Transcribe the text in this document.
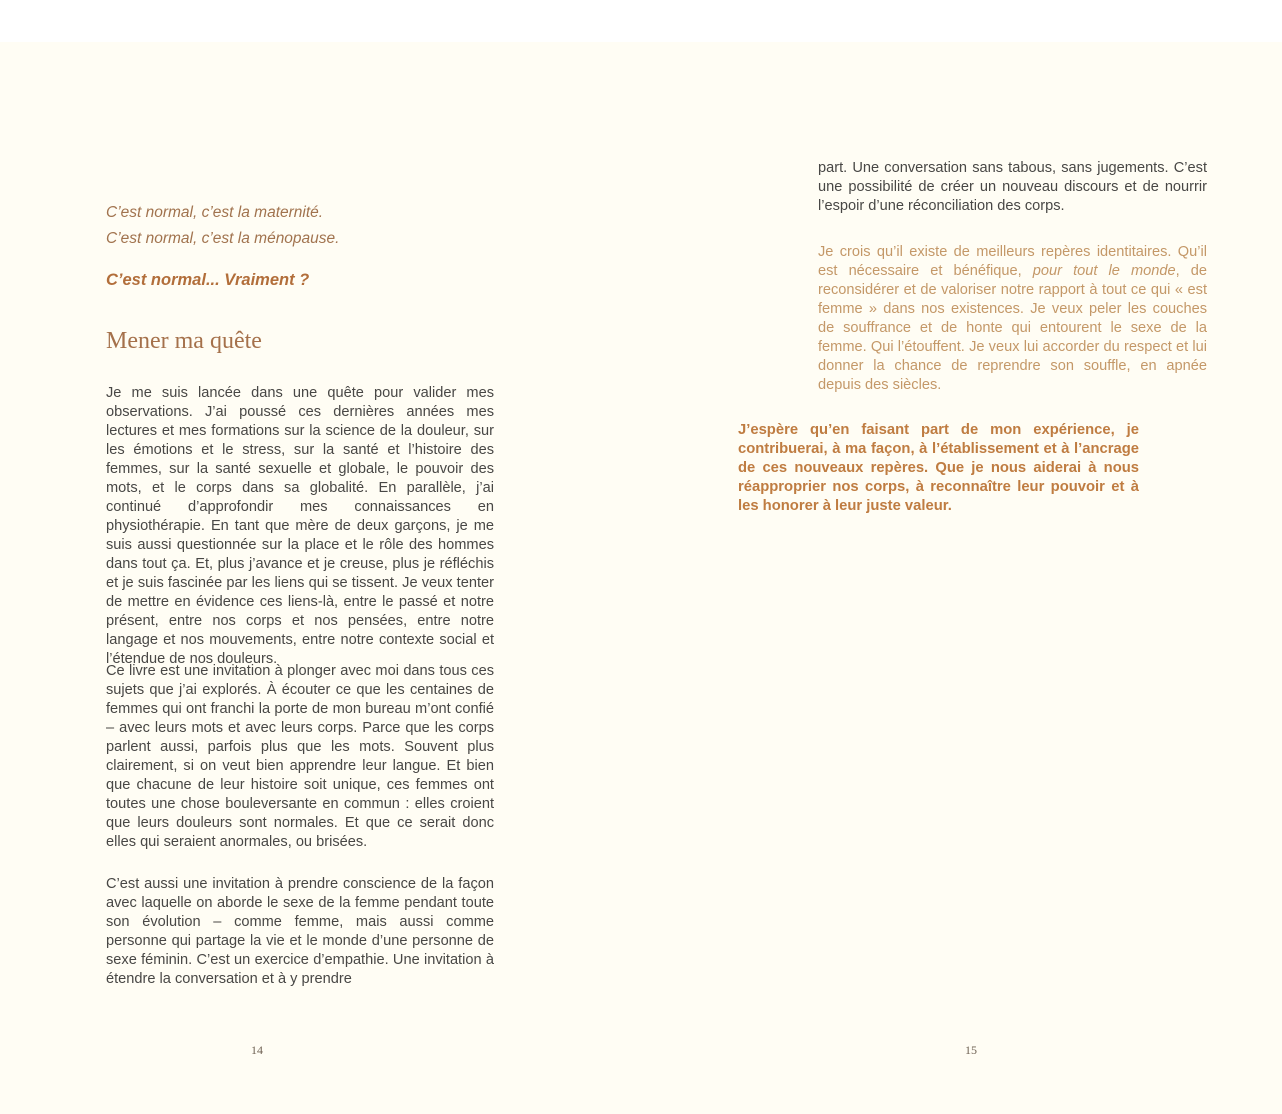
C’est normal, c’est la maternité.
C’est normal, c’est la ménopause.

C’est normal... Vraiment ?

Mener ma quête

Je me suis lancée dans une quête pour valider mes observations. J’ai poussé ces dernières années mes lectures et mes formations sur la science de la douleur, sur les émotions et le stress, sur la santé et l’histoire des femmes, sur la santé sexuelle et globale, le pouvoir des mots, et le corps dans sa globalité. En parallèle, j’ai continué d’approfondir mes connaissances en physiothérapie. En tant que mère de deux garçons, je me suis aussi questionnée sur la place et le rôle des hommes dans tout ça. Et, plus j’avance et je creuse, plus je réfléchis et je suis fascinée par les liens qui se tissent. Je veux tenter de mettre en évidence ces liens-là, entre le passé et notre présent, entre nos corps et nos pensées, entre notre langage et nos mouvements, entre notre contexte social et l’étendue de nos douleurs.

Ce livre est une invitation à plonger avec moi dans tous ces sujets que j’ai explorés. À écouter ce que les centaines de femmes qui ont franchi la porte de mon bureau m’ont confié – avec leurs mots et avec leurs corps. Parce que les corps parlent aussi, parfois plus que les mots. Souvent plus clairement, si on veut bien apprendre leur langue. Et bien que chacune de leur histoire soit unique, ces femmes ont toutes une chose bouleversante en commun : elles croient que leurs douleurs sont normales. Et que ce serait donc elles qui seraient anormales, ou brisées.

C’est aussi une invitation à prendre conscience de la façon avec laquelle on aborde le sexe de la femme pendant toute son évolution – comme femme, mais aussi comme personne qui partage la vie et le monde d’une personne de sexe féminin. C’est un exercice d’empathie. Une invitation à étendre la conversation et à y prendre

14

part. Une conversation sans tabous, sans jugements. C’est une possibilité de créer un nouveau discours et de nourrir l’espoir d’une réconciliation des corps.

Je crois qu’il existe de meilleurs repères identitaires. Qu’il est nécessaire et bénéfique, pour tout le monde, de reconsidérer et de valoriser notre rapport à tout ce qui « est femme » dans nos existences. Je veux peler les couches de souffrance et de honte qui entourent le sexe de la femme. Qui l’étouffent. Je veux lui accorder du respect et lui donner la chance de reprendre son souffle, en apnée depuis des siècles.

J’espère qu’en faisant part de mon expérience, je contribuerai, à ma façon, à l’établissement et à l’ancrage de ces nouveaux repères. Que je nous aiderai à nous réapproprier nos corps, à reconnaître leur pouvoir et à les honorer à leur juste valeur.

15
